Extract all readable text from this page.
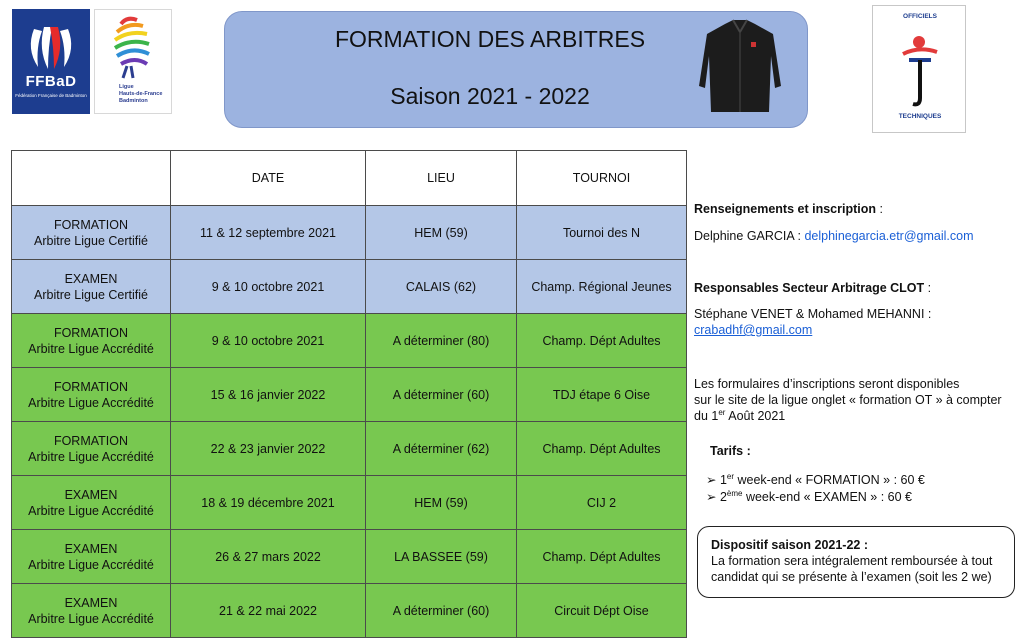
FFBaD
Fédération Française de Badminton
Ligue
Hauts-de-France
Badminton
FORMATION DES ARBITRES
Saison 2021 - 2022
OFFICIELS
TECHNIQUES
	DATE	LIEU	TOURNOI

FORMATION
Arbitre Ligue Certifié	11 & 12 septembre 2021	HEM (59)	Tournoi des N

EXAMEN
Arbitre Ligue Certifié	9 & 10 octobre 2021	CALAIS (62)	Champ. Régional Jeunes

FORMATION
Arbitre Ligue Accrédité	9 & 10 octobre 2021	A déterminer (80)	Champ. Dépt Adultes

FORMATION
Arbitre Ligue Accrédité	15 & 16 janvier 2022	A déterminer (60)	TDJ étape 6 Oise

FORMATION
Arbitre Ligue Accrédité	22 & 23 janvier 2022	A déterminer (62)	Champ. Dépt Adultes

EXAMEN
Arbitre Ligue Accrédité	18 & 19 décembre 2021	HEM (59)	CIJ 2

EXAMEN
Arbitre Ligue Accrédité	26 & 27 mars 2022	LA BASSEE (59)	Champ. Dépt Adultes

EXAMEN
Arbitre Ligue Accrédité	21 & 22 mai 2022	A déterminer (60)	Circuit Dépt Oise
Renseignements et inscription :
Delphine GARCIA : delphinegarcia.etr@gmail.com
Responsables Secteur Arbitrage CLOT :
Stéphane VENET & Mohamed MEHANNI :
crabadhf@gmail.com
Les formulaires d’inscriptions seront disponibles
sur le site de la ligue onglet « formation OT » à compter
du 1er Août 2021
Tarifs :
➢ 1er week-end « FORMATION » : 60 €
➢ 2ème week-end « EXAMEN » : 60 €
Dispositif saison 2021-22 :
La formation sera intégralement remboursée à tout
candidat qui se présente à l’examen (soit les 2 we)
